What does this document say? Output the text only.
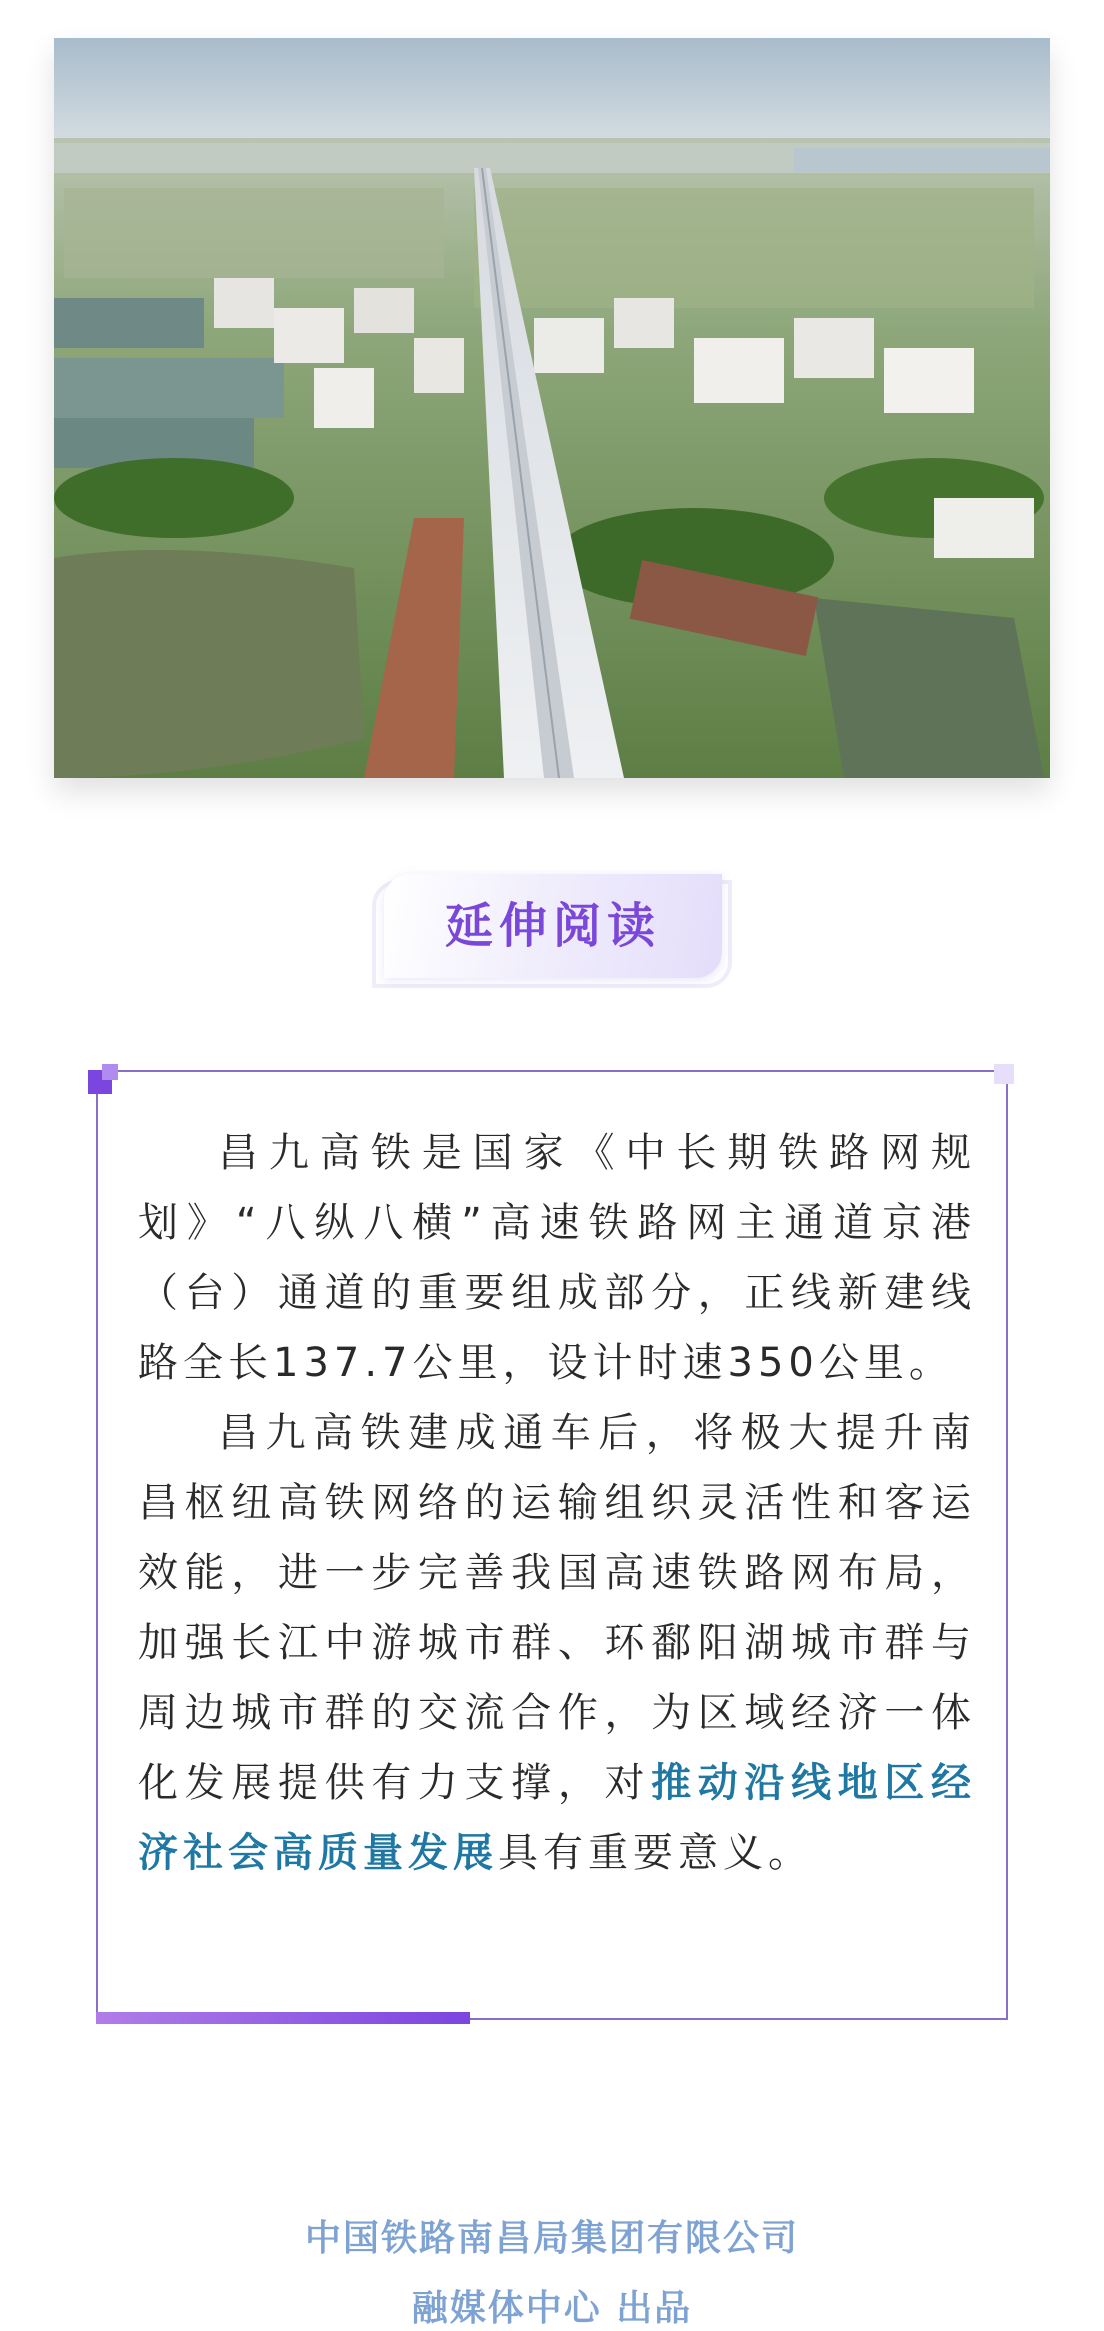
延伸阅读

昌九高铁是国家《中长期铁路网规划》“八纵八横”高速铁路网主通道京港（台）通道的重要组成部分，正线新建线路全长137.7公里，设计时速350公里。

昌九高铁建成通车后，将极大提升南昌枢纽高铁网络的运输组织灵活性和客运效能，进一步完善我国高速铁路网布局，加强长江中游城市群、环鄱阳湖城市群与周边城市群的交流合作，为区域经济一体化发展提供有力支撑，对推动沿线地区经济社会高质量发展具有重要意义。

中国铁路南昌局集团有限公司
融媒体中心 出品
